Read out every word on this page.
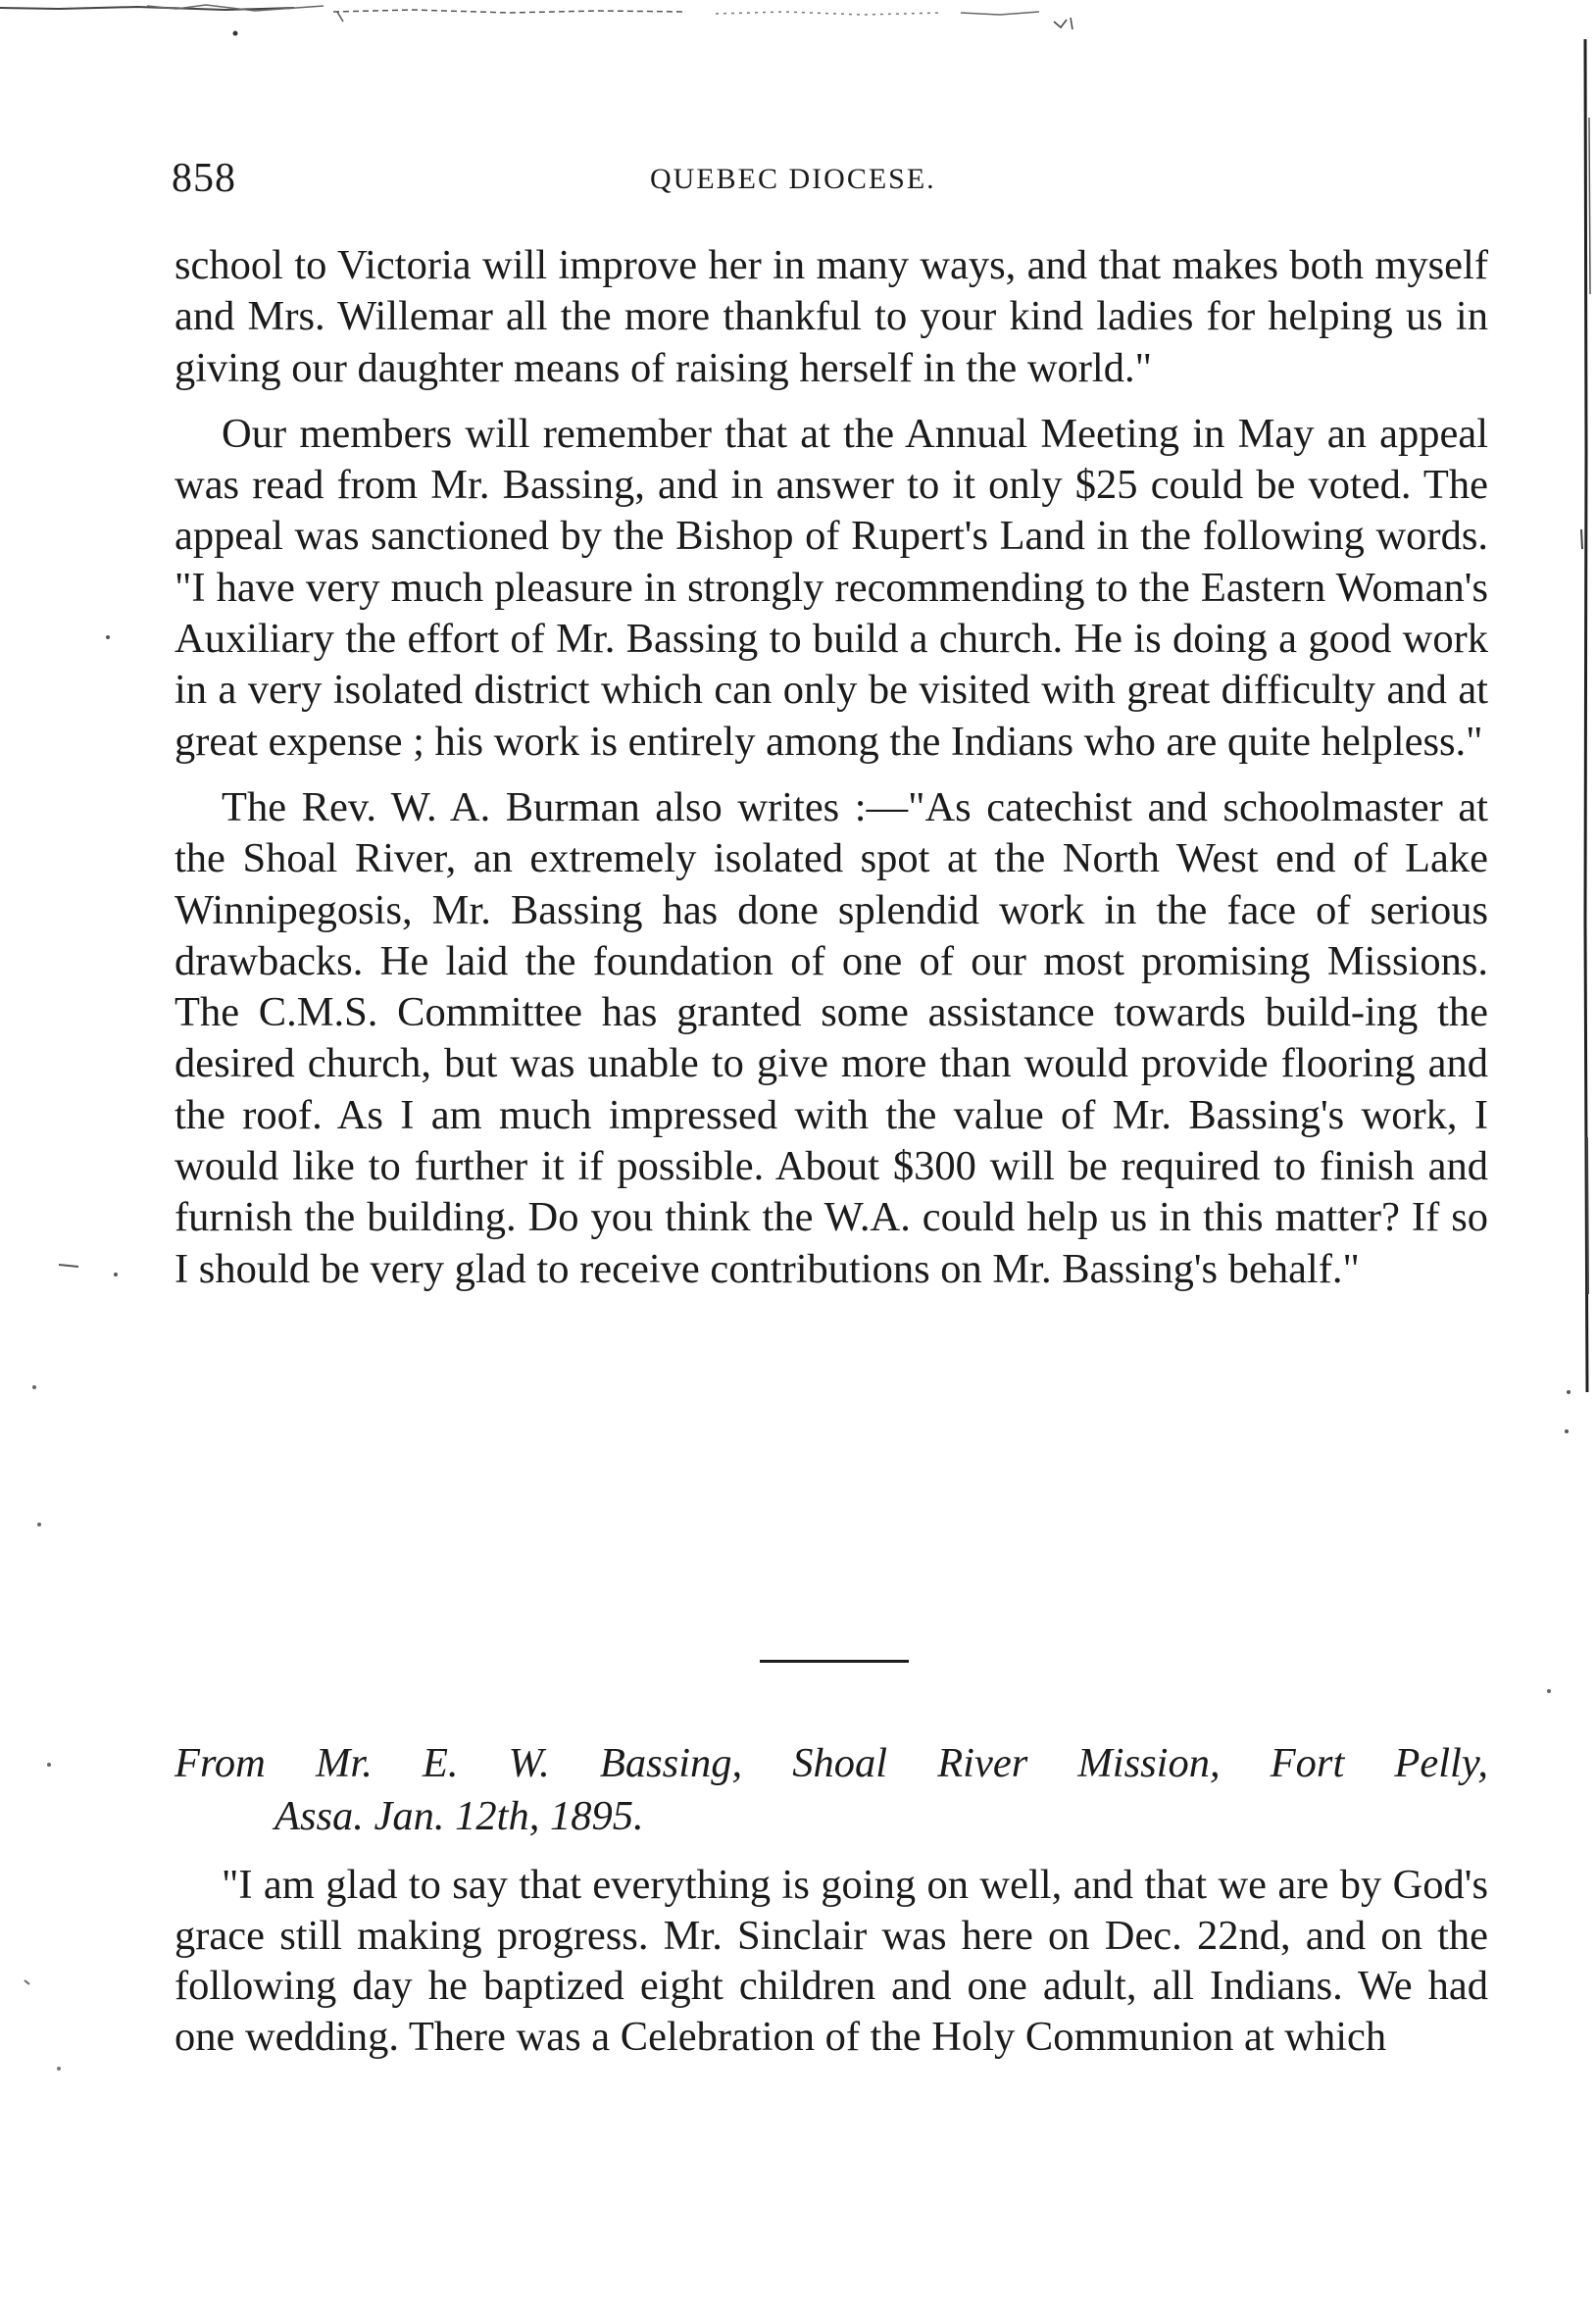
858	QUEBEC DIOCESE.

school to Victoria will improve her in many ways, and that makes both myself and Mrs. Willemar all the more thankful to your kind ladies for helping us in giving our daughter means of raising herself in the world."

Our members will remember that at the Annual Meeting in May an appeal was read from Mr. Bassing, and in answer to it only $25 could be voted. The appeal was sanctioned by the Bishop of Rupert's Land in the following words. "I have very much pleasure in strongly recommending to the Eastern Woman's Auxiliary the effort of Mr. Bassing to build a church. He is doing a good work in a very isolated district which can only be visited with great difficulty and at great expense ; his work is entirely among the Indians who are quite helpless."

The Rev. W. A. Burman also writes :—"As catechist and schoolmaster at the Shoal River, an extremely isolated spot at the North West end of Lake Winnipegosis, Mr. Bassing has done splendid work in the face of serious drawbacks. He laid the foundation of one of our most promising Missions. The C.M.S. Committee has granted some assistance towards build-ing the desired church, but was unable to give more than would provide flooring and the roof. As I am much impressed with the value of Mr. Bassing's work, I would like to further it if possible. About $300 will be required to finish and furnish the building. Do you think the W.A. could help us in this matter? If so I should be very glad to receive contributions on Mr. Bassing's behalf."

From Mr. E. W. Bassing, Shoal River Mission, Fort Pelly,
Assa. Jan. 12th, 1895.

"I am glad to say that everything is going on well, and that we are by God's grace still making progress. Mr. Sinclair was here on Dec. 22nd, and on the following day he baptized eight children and one adult, all Indians. We had one wedding. There was a Celebration of the Holy Communion at which
